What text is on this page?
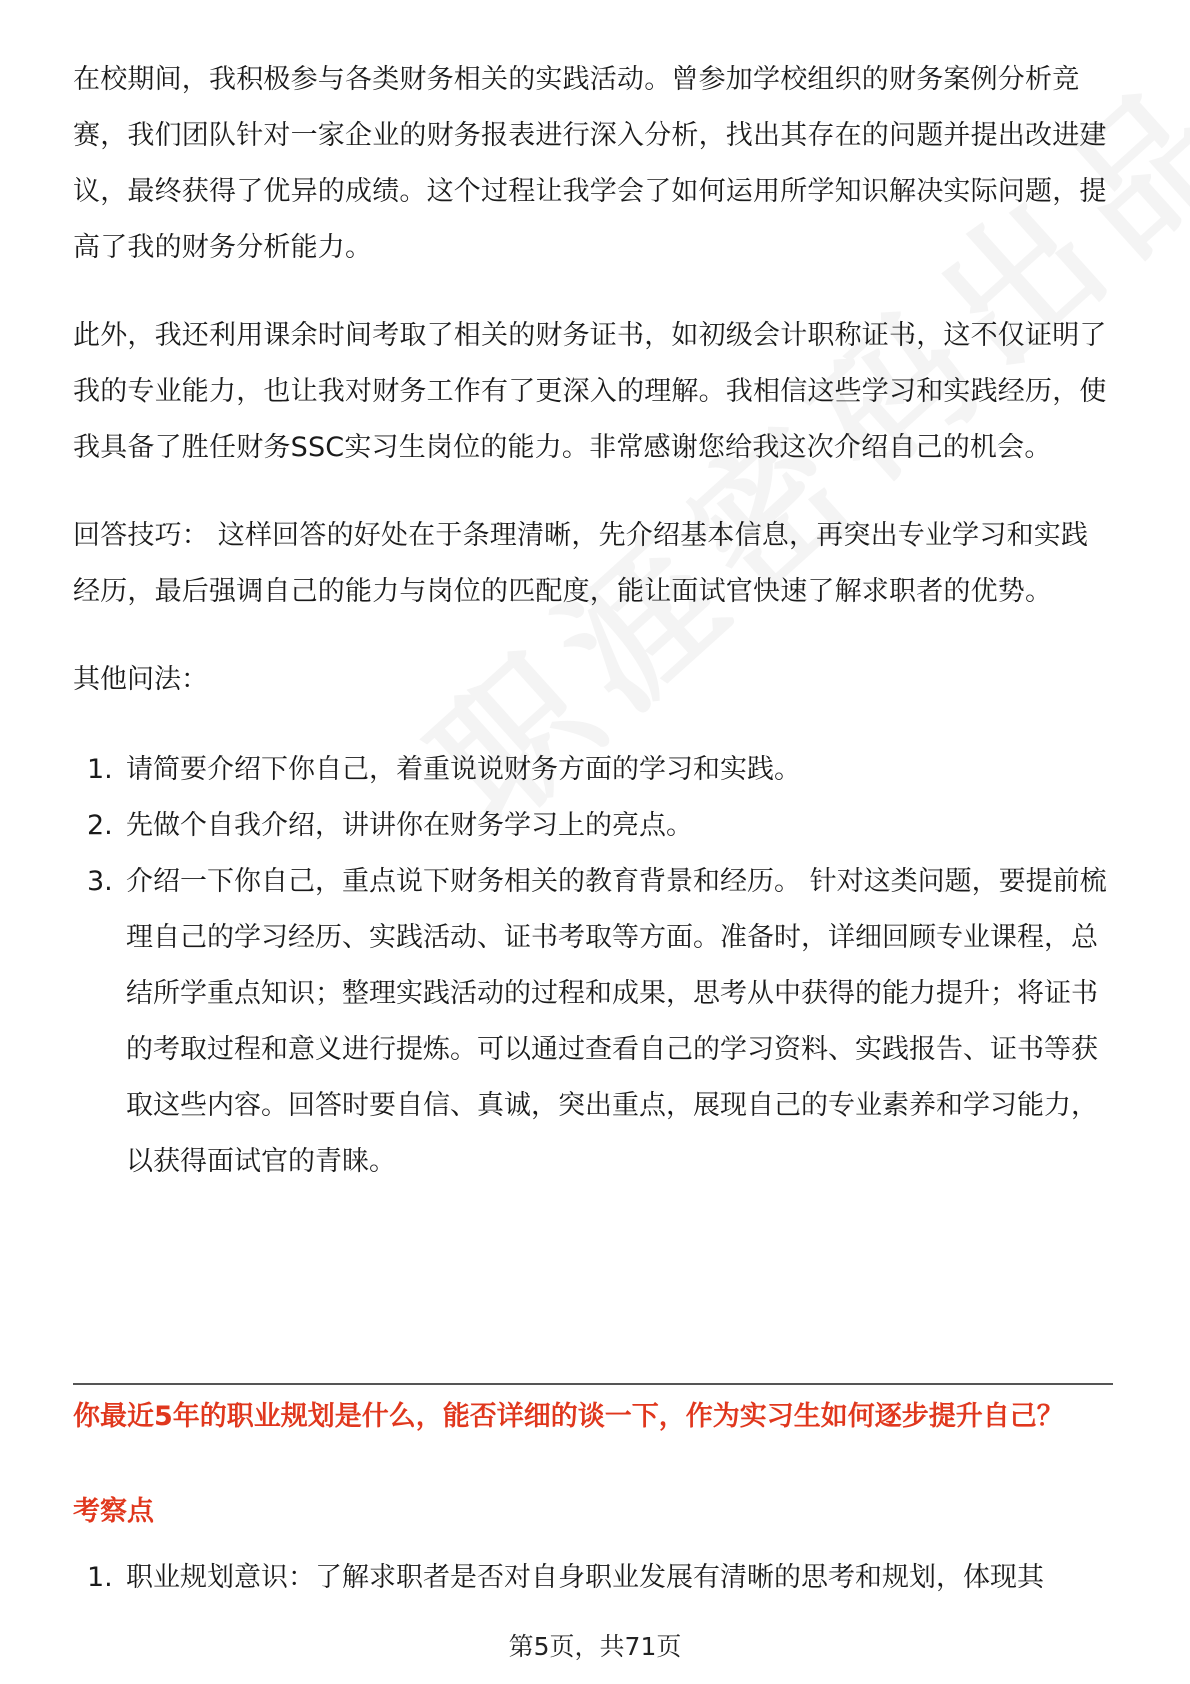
在校期间，我积极参与各类财务相关的实践活动。曾参加学校组织的财务案例分析竞赛，我们团队针对一家企业的财务报表进行深入分析，找出其存在的问题并提出改进建议，最终获得了优异的成绩。这个过程让我学会了如何运用所学知识解决实际问题，提高了我的财务分析能力。

此外，我还利用课余时间考取了相关的财务证书，如初级会计职称证书，这不仅证明了我的专业能力，也让我对财务工作有了更深入的理解。我相信这些学习和实践经历，使我具备了胜任财务SSC实习生岗位的能力。非常感谢您给我这次介绍自己的机会。

回答技巧： 这样回答的好处在于条理清晰，先介绍基本信息，再突出专业学习和实践经历，最后强调自己的能力与岗位的匹配度，能让面试官快速了解求职者的优势。

其他问法：

1. 请简要介绍下你自己，着重说说财务方面的学习和实践。
2. 先做个自我介绍，讲讲你在财务学习上的亮点。
3. 介绍一下你自己，重点说下财务相关的教育背景和经历。 针对这类问题，要提前梳理自己的学习经历、实践活动、证书考取等方面。准备时，详细回顾专业课程，总结所学重点知识；整理实践活动的过程和成果，思考从中获得的能力提升；将证书的考取过程和意义进行提炼。可以通过查看自己的学习资料、实践报告、证书等获取这些内容。回答时要自信、真诚，突出重点，展现自己的专业素养和学习能力，以获得面试官的青睐。
你最近5年的职业规划是什么，能否详细的谈一下，作为实习生如何逐步提升自己？
考察点
1. 职业规划意识：了解求职者是否对自身职业发展有清晰的思考和规划，体现其
第5页，共71页
